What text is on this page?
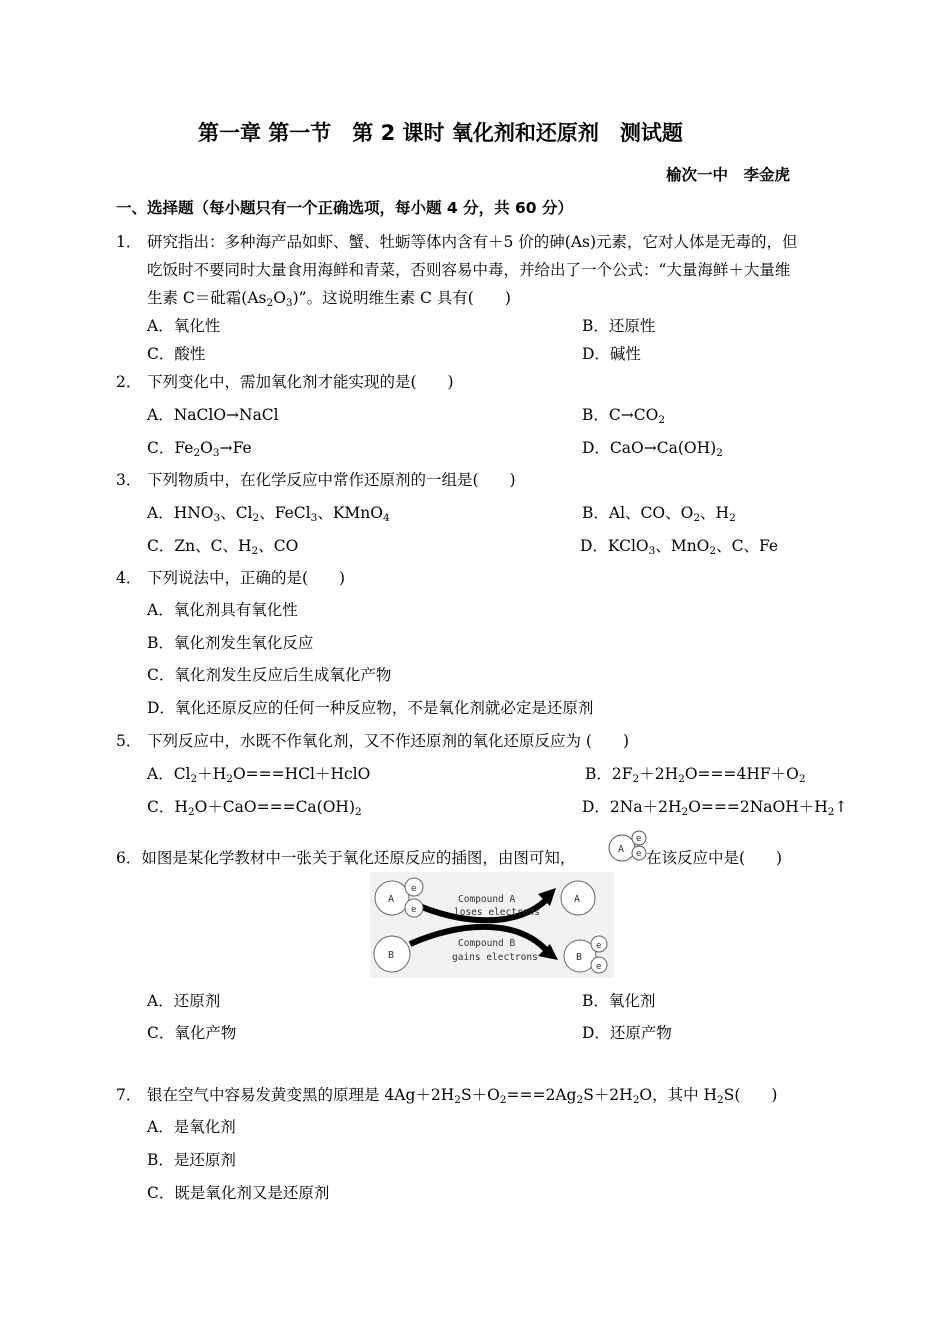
第一章 第一节　第 2 课时 氧化剂和还原剂　测试题
榆次一中　李金虎
一、选择题（每小题只有一个正确选项，每小题 4 分，共 60 分）
1． 研究指出：多种海产品如虾、蟹、牡蛎等体内含有＋5 价的砷(As)元素，它对人体是无毒的，但
吃饭时不要同时大量食用海鲜和青菜，否则容易中毒，并给出了一个公式：“大量海鲜＋大量维
生素 C＝砒霜$(As_2O_3)$”。这说明维生素 C 具有(　　)
A．氧化性	B．还原性
C．酸性	D．碱性
2． 下列变化中，需加氧化剂才能实现的是(　　)
A．NaClO→NaCl	B．$C\to CO_2$
C．$Fe_2O_3\to Fe$	D．$CaO\to Ca(OH)_2$
3． 下列物质中，在化学反应中常作还原剂的一组是(　　)
A．$HNO_3$、$Cl_2$、FeCl$_3$、KMnO$_4$	B．Al、CO、$O_2$、$H_2$
C．Zn、C、$H_2$、CO	D．KClO$_3$、MnO$_2$、C、Fe
4． 下列说法中，正确的是(　　)
A．氧化剂具有氧化性
B．氧化剂发生氧化反应
C．氧化剂发生反应后生成氧化产物
D．氧化还原反应的任何一种反应物，不是氧化剂就必定是还原剂
5． 下列反应中，水既不作氧化剂，又不作还原剂的氧化还原反应为 (　　)
A．$Cl_2+H_2O===HCl+HclO$	B．$2F_2+2H_2O===4HF+O_2$
C．$H_2O+CaO===Ca(OH)_2$	D．$2Na+2H_2O===2NaOH+H_2↑$
6．如图是某化学教材中一张关于氧化还原反应的插图，由图可知，	A
e
e 在该反应中是(　　)
A
e
e
B
A
B
e
e
Compound A
loses electrons
Compound B
gains electrons
A．还原剂	B．氧化剂
C．氧化产物	D．还原产物
7． 银在空气中容易发黄变黑的原理是 $4Ag+2H_2S+O_2===2Ag_2S+2H_2O$，其中 $H_2S$(　　)
A．是氧化剂
B．是还原剂
C．既是氧化剂又是还原剂
